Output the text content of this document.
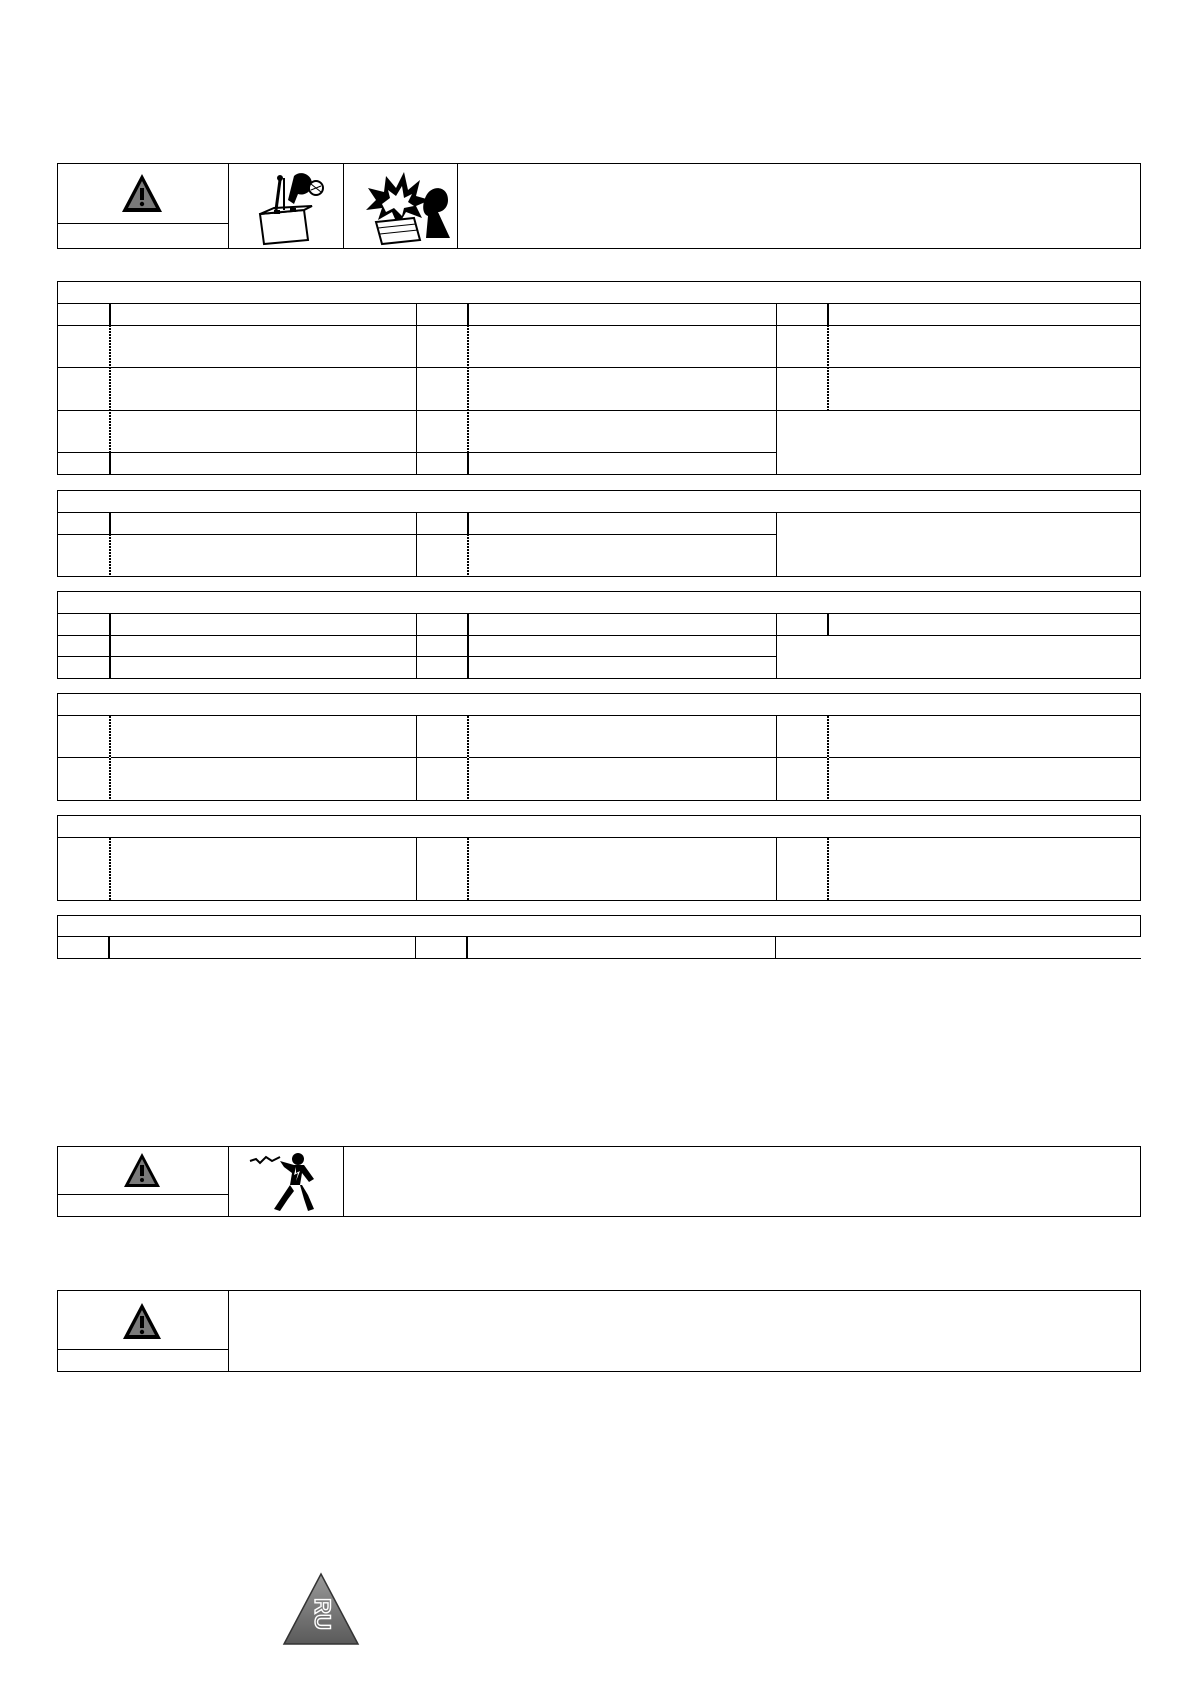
RU
